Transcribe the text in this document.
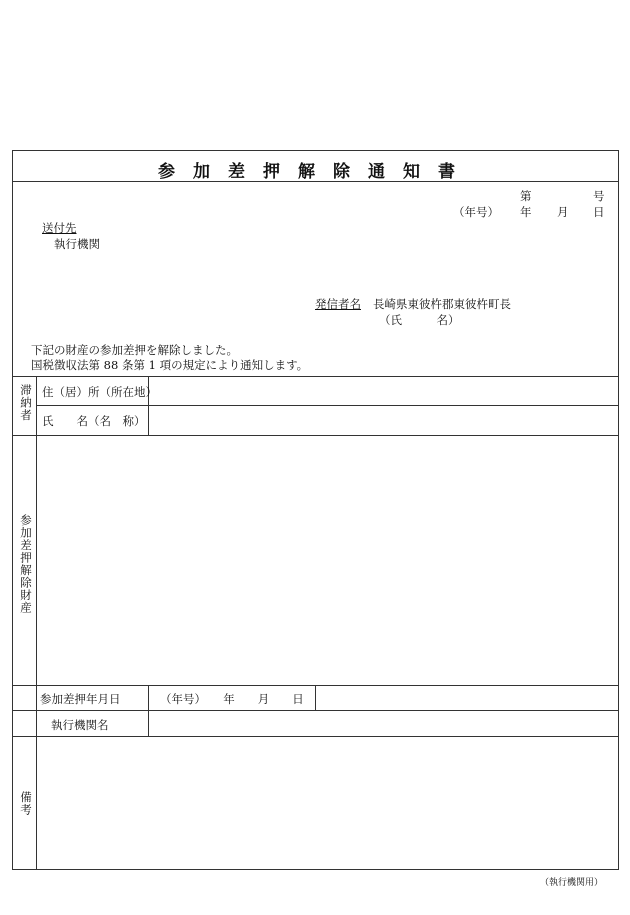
参加差押解除通知書
第	号
（年号） 年 月 日
送付先
執行機関
発信者名 長崎県東彼杵郡東彼杵町長
（氏　　　名）
下記の財産の参加差押を解除しました。
国税徴収法第 88 条第 1 項の規定により通知します。
滞納者 住（居）所（所在地）
氏　　名（名　称）
参加差押解除財産
参加差押年月日	（年号）　　年　　月　　日
執行機関名
備考
（執行機関用）
